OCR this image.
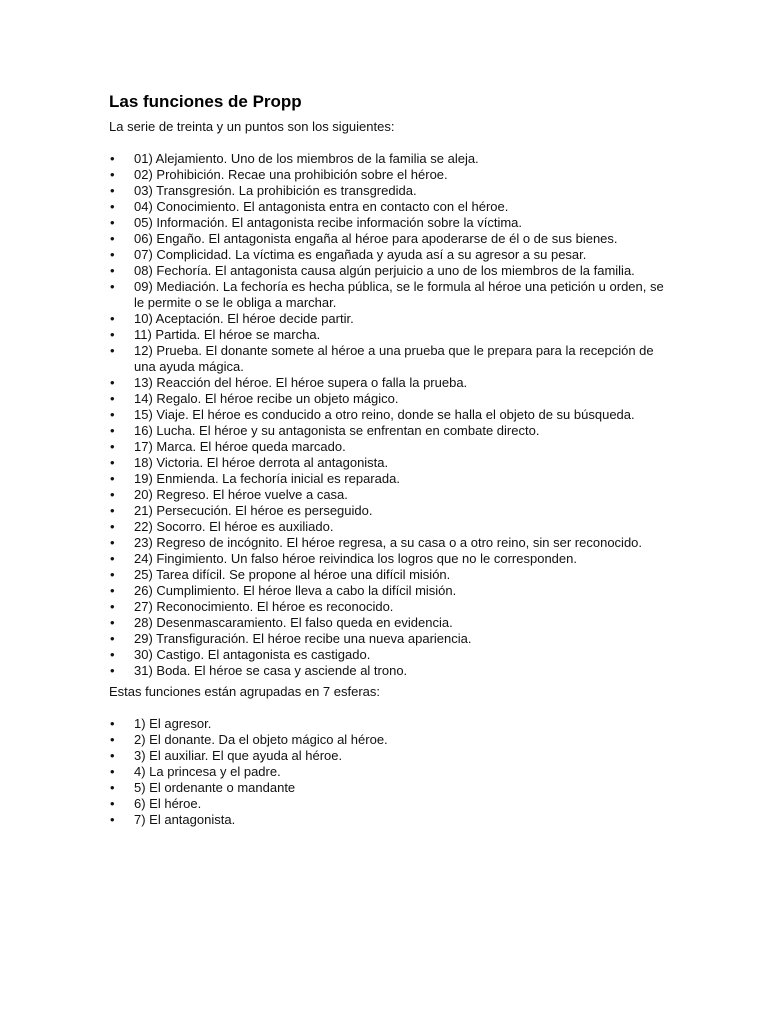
Las funciones de Propp

La serie de treinta y un puntos son los siguientes:

• 01) Alejamiento. Uno de los miembros de la familia se aleja.
• 02) Prohibición. Recae una prohibición sobre el héroe.
• 03) Transgresión. La prohibición es transgredida.
• 04) Conocimiento. El antagonista entra en contacto con el héroe.
• 05) Información. El antagonista recibe información sobre la víctima.
• 06) Engaño. El antagonista engaña al héroe para apoderarse de él o de sus bienes.
• 07) Complicidad. La víctima es engañada y ayuda así a su agresor a su pesar.
• 08) Fechoría. El antagonista causa algún perjuicio a uno de los miembros de la familia.
• 09) Mediación. La fechoría es hecha pública, se le formula al héroe una petición u orden, se le permite o se le obliga a marchar.
• 10) Aceptación. El héroe decide partir.
• 11) Partida. El héroe se marcha.
• 12) Prueba. El donante somete al héroe a una prueba que le prepara para la recepción de una ayuda mágica.
• 13) Reacción del héroe. El héroe supera o falla la prueba.
• 14) Regalo. El héroe recibe un objeto mágico.
• 15) Viaje. El héroe es conducido a otro reino, donde se halla el objeto de su búsqueda.
• 16) Lucha. El héroe y su antagonista se enfrentan en combate directo.
• 17) Marca. El héroe queda marcado.
• 18) Victoria. El héroe derrota al antagonista.
• 19) Enmienda. La fechoría inicial es reparada.
• 20) Regreso. El héroe vuelve a casa.
• 21) Persecución. El héroe es perseguido.
• 22) Socorro. El héroe es auxiliado.
• 23) Regreso de incógnito. El héroe regresa, a su casa o a otro reino, sin ser reconocido.
• 24) Fingimiento. Un falso héroe reivindica los logros que no le corresponden.
• 25) Tarea difícil. Se propone al héroe una difícil misión.
• 26) Cumplimiento. El héroe lleva a cabo la difícil misión.
• 27) Reconocimiento. El héroe es reconocido.
• 28) Desenmascaramiento. El falso queda en evidencia.
• 29) Transfiguración. El héroe recibe una nueva apariencia.
• 30) Castigo. El antagonista es castigado.
• 31) Boda. El héroe se casa y asciende al trono.

Estas funciones están agrupadas en 7 esferas:

• 1) El agresor.
• 2) El donante. Da el objeto mágico al héroe.
• 3) El auxiliar. El que ayuda al héroe.
• 4) La princesa y el padre.
• 5) El ordenante o mandante
• 6) El héroe.
• 7) El antagonista.
